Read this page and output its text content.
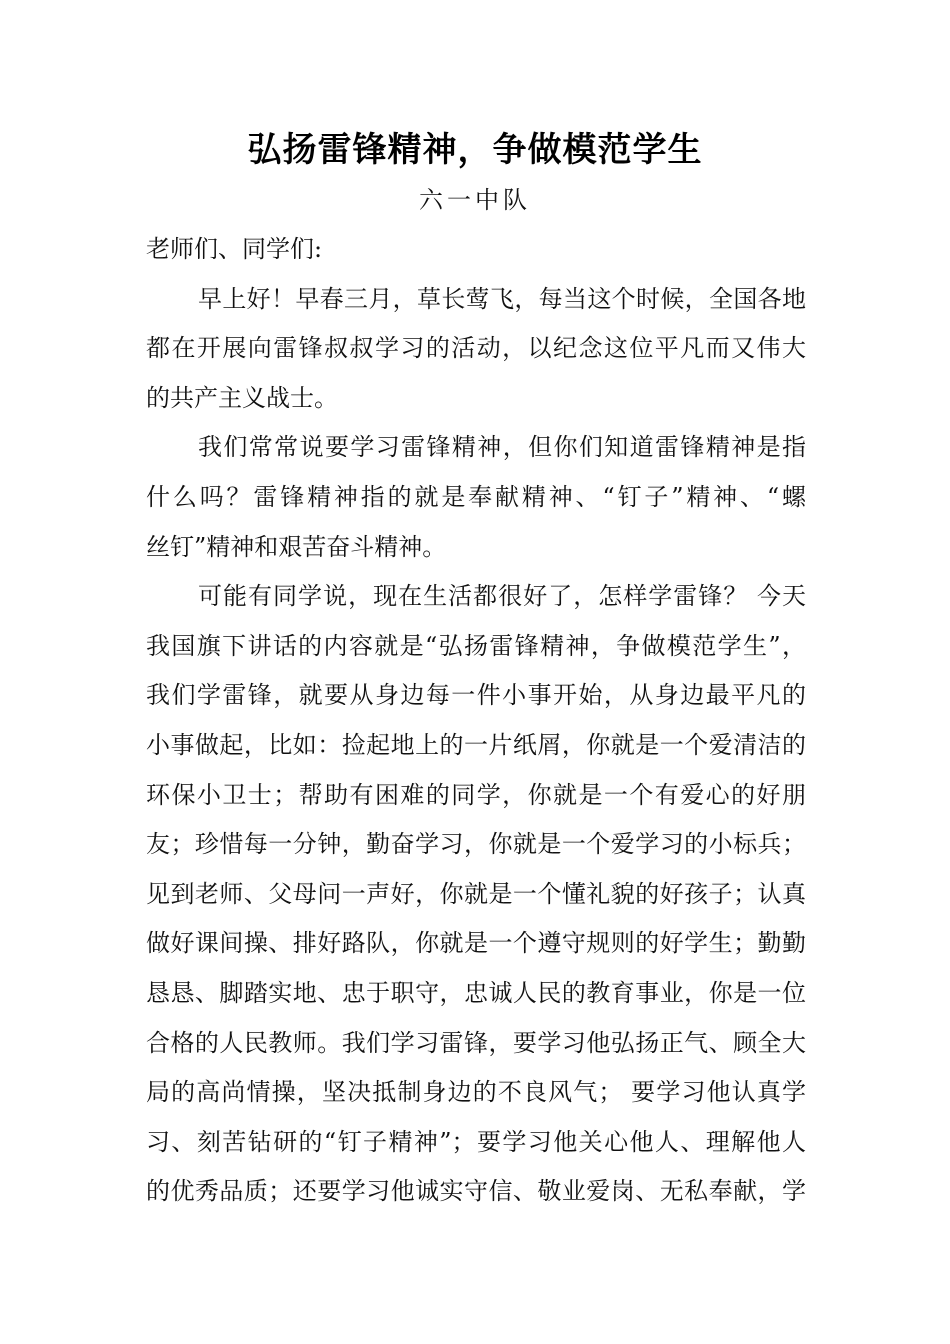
弘扬雷锋精神，争做模范学生
六一中队
老师们、同学们:
早上好！早春三月，草长莺飞，每当这个时候，全国各地
都在开展向雷锋叔叔学习的活动，以纪念这位平凡而又伟大
的共产主义战士。
我们常常说要学习雷锋精神，但你们知道雷锋精神是指
什么吗？雷锋精神指的就是奉献精神、“钉子”精神、“螺
丝钉”精神和艰苦奋斗精神。
可能有同学说，现在生活都很好了，怎样学雷锋？ 今天
我国旗下讲话的内容就是“弘扬雷锋精神，争做模范学生”，
我们学雷锋，就要从身边每一件小事开始，从身边最平凡的
小事做起，比如：捡起地上的一片纸屑，你就是一个爱清洁的
环保小卫士；帮助有困难的同学，你就是一个有爱心的好朋
友；珍惜每一分钟，勤奋学习，你就是一个爱学习的小标兵；
见到老师、父母问一声好，你就是一个懂礼貌的好孩子；认真
做好课间操、排好路队，你就是一个遵守规则的好学生；勤勤
恳恳、脚踏实地、忠于职守，忠诚人民的教育事业，你是一位
合格的人民教师。我们学习雷锋，要学习他弘扬正气、顾全大
局的高尚情操，坚决抵制身边的不良风气； 要学习他认真学
习、刻苦钻研的“钉子精神”；要学习他关心他人、理解他人
的优秀品质；还要学习他诚实守信、敬业爱岗、无私奉献，学
